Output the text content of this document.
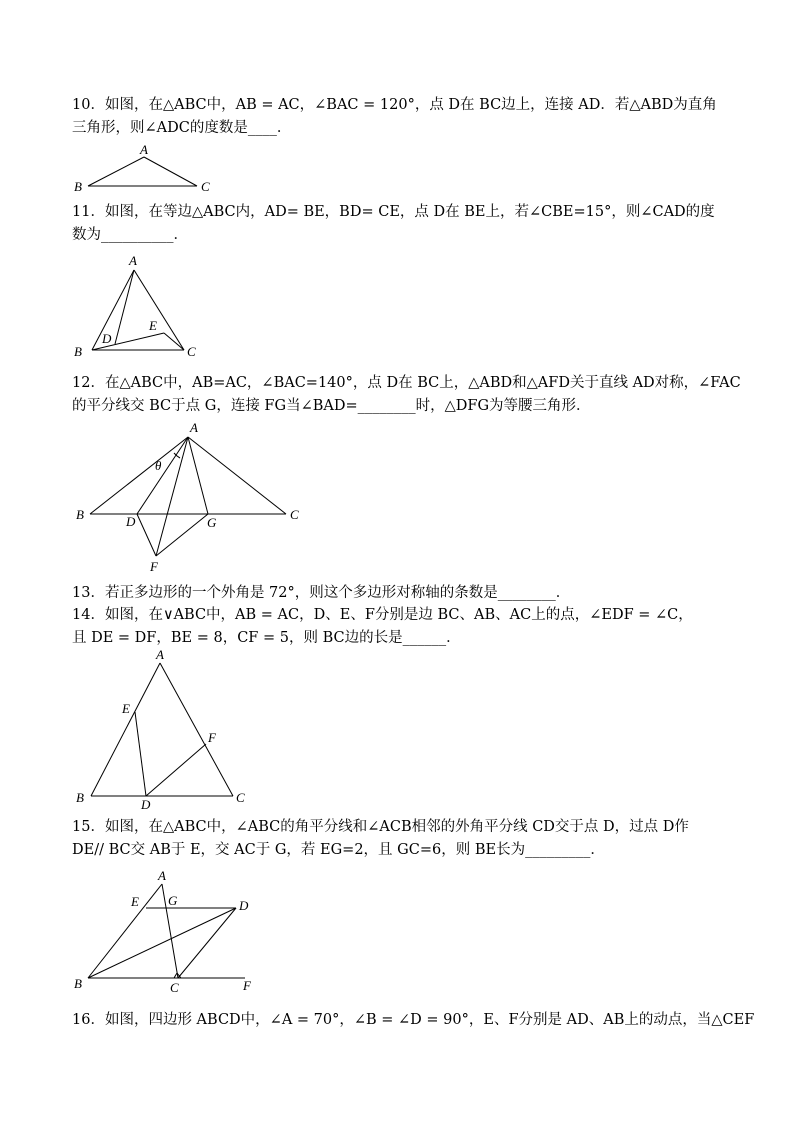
10．如图，在△ABC中，AB = AC，∠BAC = 120°，点 D在 BC边上，连接 AD．若△ABD为直角
三角形，则∠ADC的度数是____．
11．如图，在等边△ABC内，AD= BE，BD= CE，点 D在 BE上，若∠CBE=15°，则∠CAD的度
数为__________．
12．在△ABC中，AB=AC，∠BAC=140°，点 D在 BC上，△ABD和△AFD关于直线 AD对称，∠FAC
的平分线交 BC于点 G，连接 FG当∠BAD=________时，△DFG为等腰三角形．
13．若正多边形的一个外角是 72°，则这个多边形对称轴的条数是________．
14．如图，在∨ABC中，AB = AC，D、E、F分别是边 BC、AB、AC上的点，∠EDF = ∠C，
且 DE = DF，BE = 8，CF = 5，则 BC边的长是______．
15．如图，在△ABC中，∠ABC的角平分线和∠ACB相邻的外角平分线 CD交于点 D，过点 D作
DE// BC交 AB于 E，交 AC于 G，若 EG=2，且 GC=6，则 BE长为_________．
16．如图，四边形 ABCD中，∠A = 70°，∠B = ∠D = 90°，E、F分别是 AD、AB上的动点，当△CEF
A
B	C
A
B	C
D
E
A
B	C
D	G
F
θ
A
B	C
D
E
F
A
B	C
D
E
F
G
